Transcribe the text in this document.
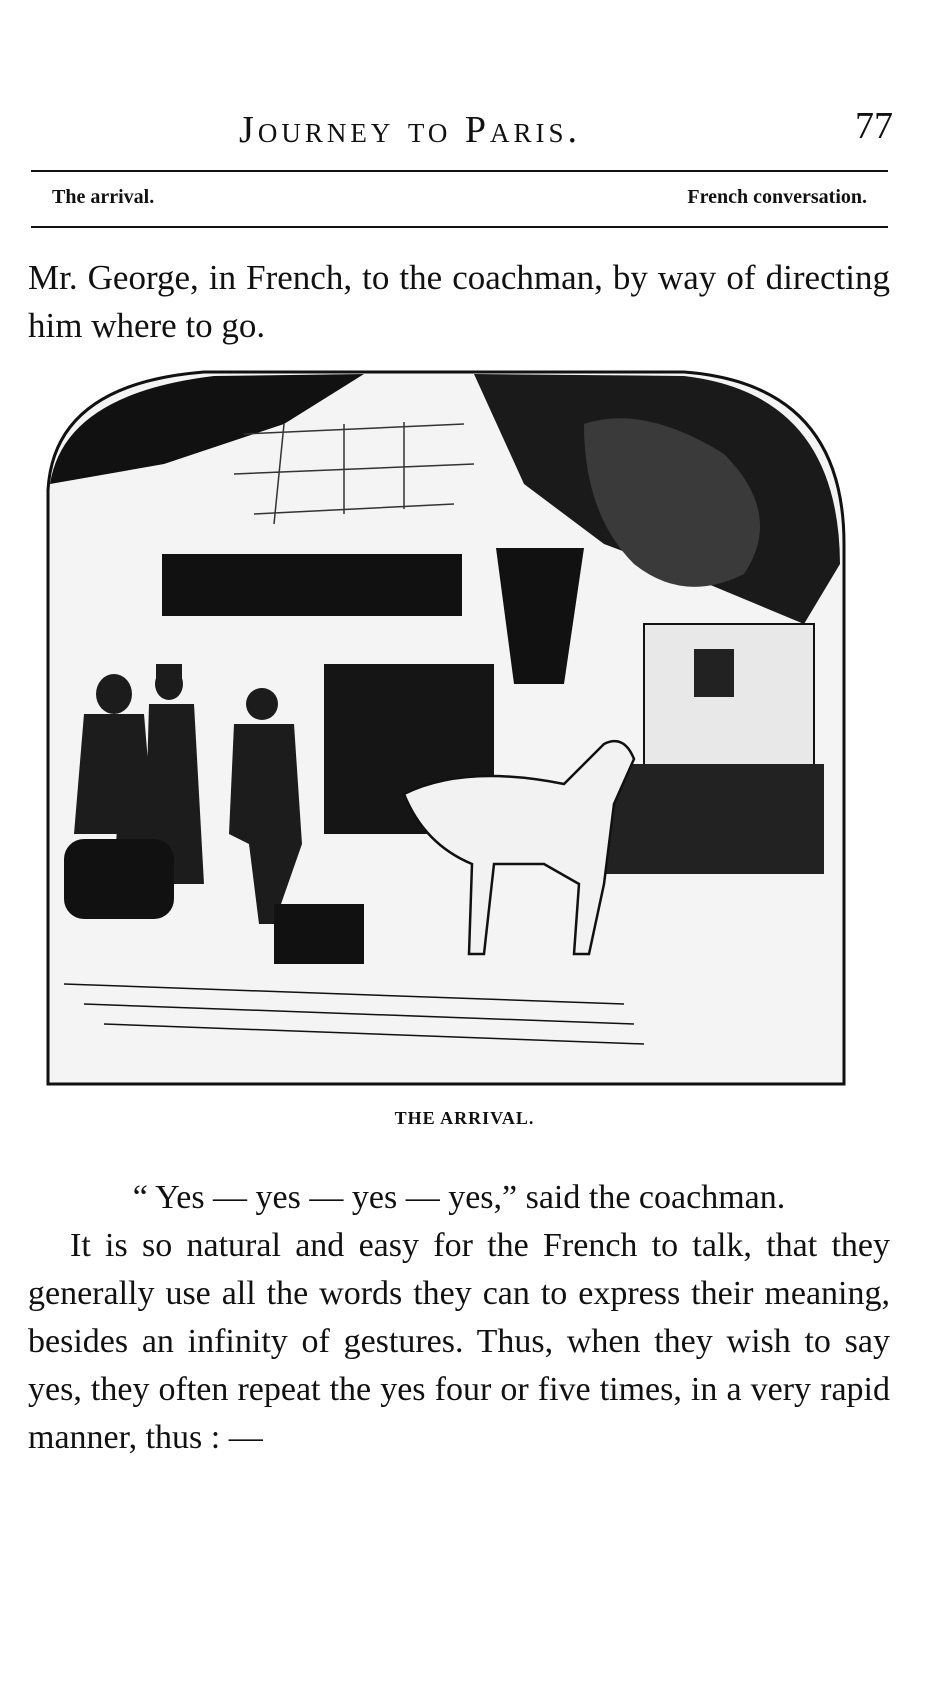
Journey to Paris.	77
The arrival.	French conversation.
Mr. George, in French, to the coachman, by way of directing him where to go.
THE ARRIVAL.

“ Yes — yes — yes — yes,” said the coachman.

It is so natural and easy for the French to talk, that they generally use all the words they can to express their meaning, besides an infinity of gestures. Thus, when they wish to say yes, they often repeat the yes four or five times, in a very rapid manner, thus : —
